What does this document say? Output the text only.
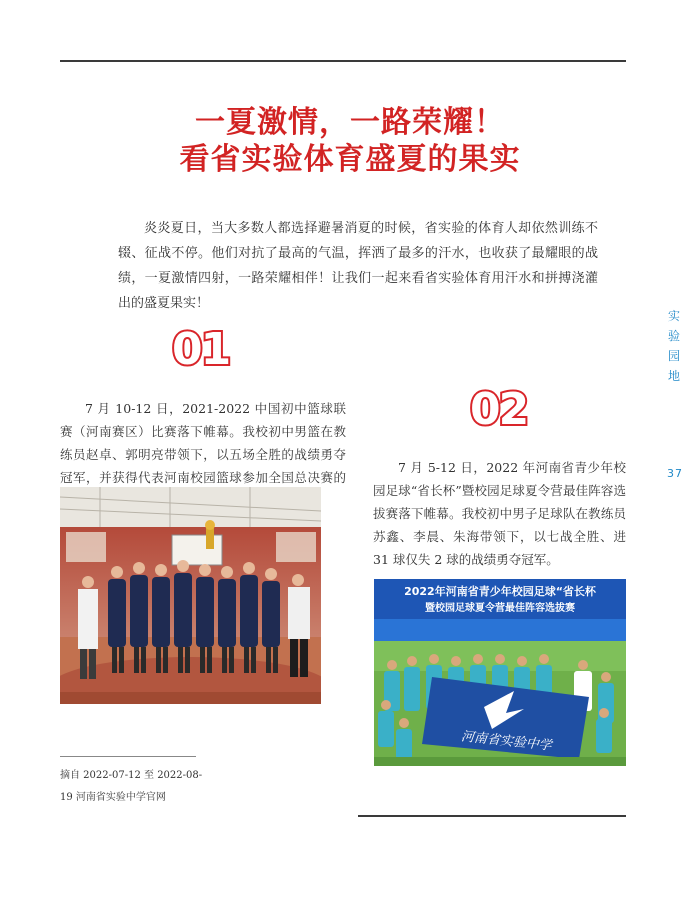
一夏激情，一路荣耀！
看省实验体育盛夏的果实
炎炎夏日，当大多数人都选择避暑消夏的时候，省实验的体育人却依然训练不辍、征战不停。他们对抗了最高的气温，挥洒了最多的汗水，也收获了最耀眼的战绩，一夏激情四射，一路荣耀相伴！让我们一起来看省实验体育用汗水和拼搏浇灌出的盛夏果实！
实
验
园
地
37
01
7 月 10-12 日，2021-2022 中国初中篮球联赛（河南赛区）比赛落下帷幕。我校初中男篮在教练员赵卓、郭明亮带领下，以五场全胜的战绩勇夺冠军，并获得代表河南校园篮球参加全国总决赛的
02
7 月 5-12 日，2022 年河南省青少年校园足球“省长杯”暨校园足球夏令营最佳阵容选拔赛落下帷幕。我校初中男子足球队在教练员苏鑫、李晨、朱海带领下，以七战全胜、进 31 球仅失 2 球的战绩勇夺冠军。
2022年河南省青少年校园足球“省长杯
暨校园足球夏令营最佳阵容选拔赛
河南省实验中学
摘自 2022-07-12 至 2022-08-
19 河南省实验中学官网
